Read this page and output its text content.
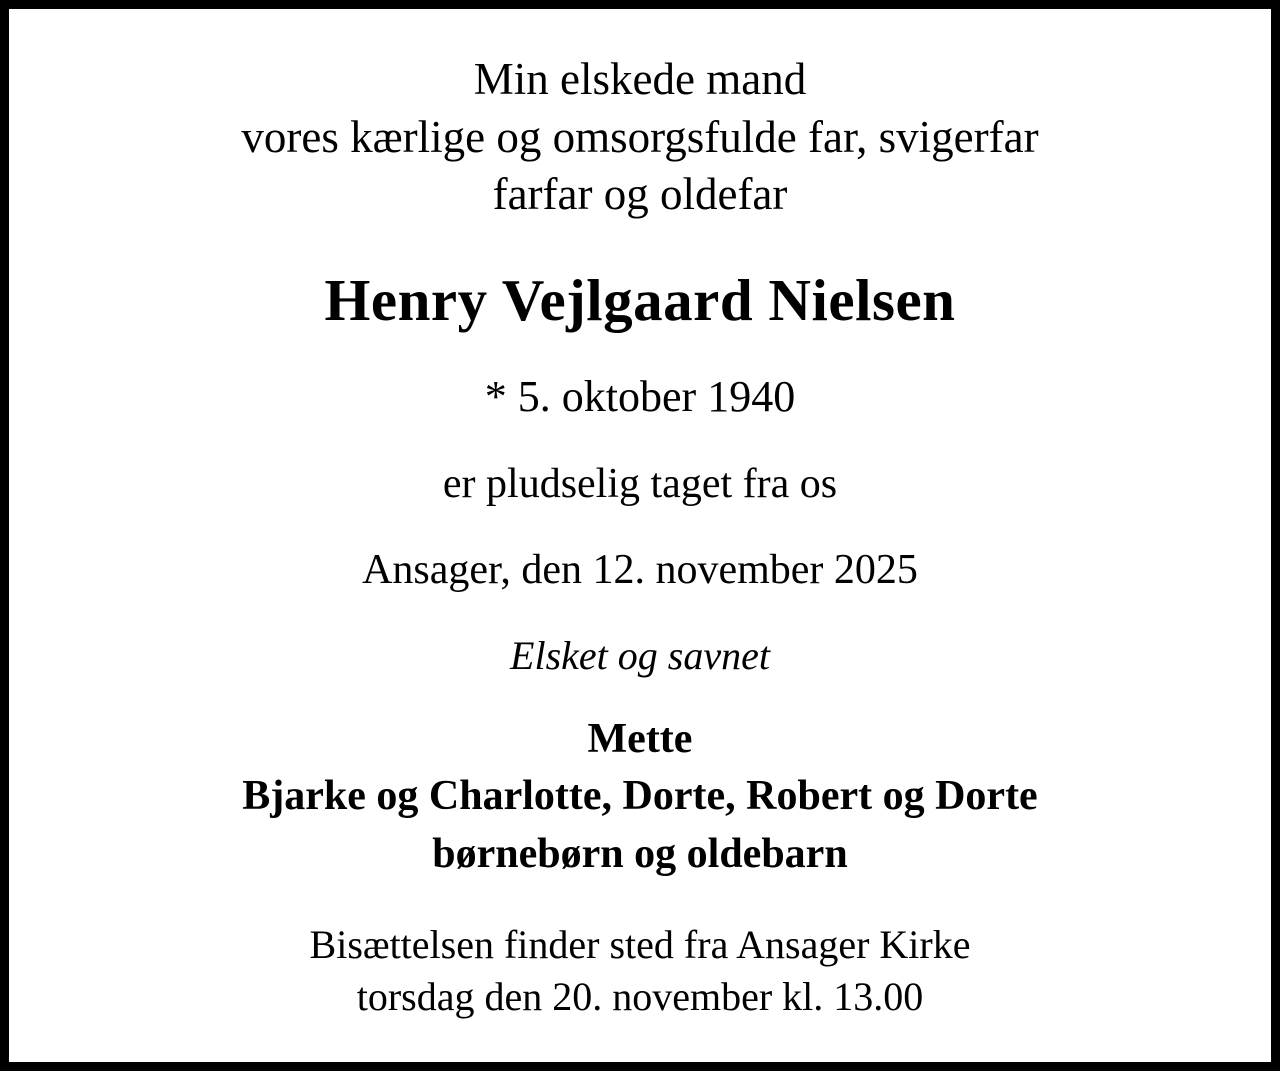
Min elskede mand
vores kærlige og omsorgsfulde far, svigerfar
farfar og oldefar
Henry Vejlgaard Nielsen
* 5. oktober 1940
er pludselig taget fra os
Ansager, den 12. november 2025
Elsket og savnet
Mette
Bjarke og Charlotte, Dorte, Robert og Dorte
børnebørn og oldebarn
Bisættelsen finder sted fra Ansager Kirke
torsdag den 20. november kl. 13.00
